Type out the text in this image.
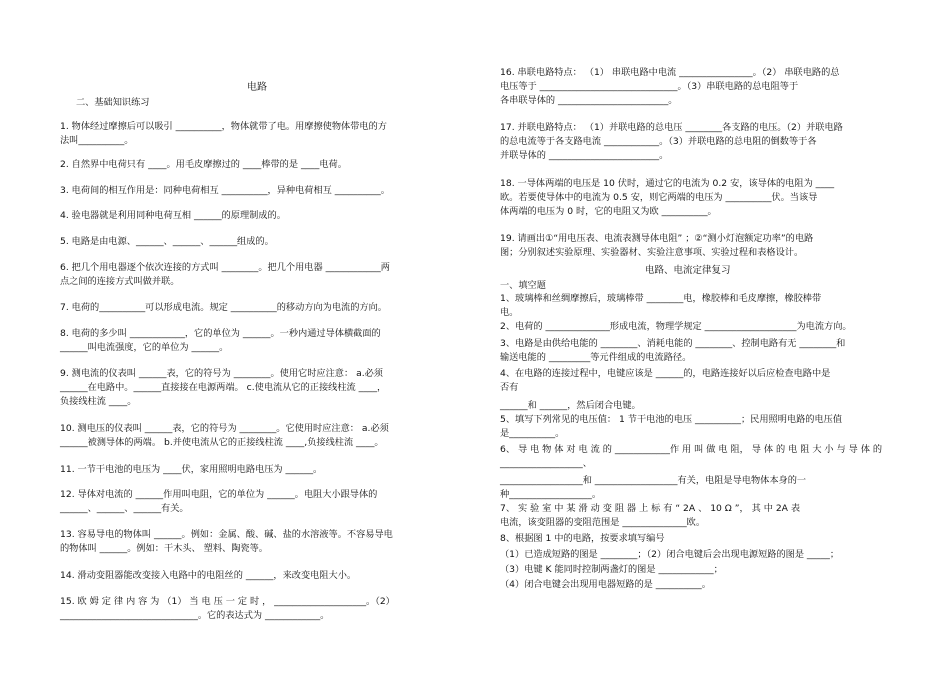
电路
二、基础知识练习
1. 物体经过摩擦后可以吸引 __________，物体就带了电。用摩擦使物体带电的方
法叫__________。
2. 自然界中电荷只有 ____。用毛皮摩擦过的 ____棒带的是 ____电荷。
3. 电荷间的相互作用是：同种电荷相互 __________，异种电荷相互 __________。
4. 验电器就是利用同种电荷互相 ______的原理制成的。
5. 电路是由电源、______、______、______组成的。
6. 把几个用电器逐个依次连接的方式叫 ________。把几个用电器 ____________两
点之间的连接方式叫做并联。
7. 电荷的__________可以形成电流。规定 __________的移动方向为电流的方向。
8. 电荷的多少叫 ____________，它的单位为 ______。一秒内通过导体横截面的
______叫电流强度，它的单位为 ______。
9. 测电流的仪表叫 ______表，它的符号为 ________。使用它时应注意： a.必须
______在电路中。______直接接在电源两端。 c.使电流从它的正接线柱流 ____，
负接线柱流 ____。
10. 测电压的仪表叫 ______表，它的符号为 ________。它使用时应注意： a.必须
______被测导体的两端。 b.并使电流从它的正接线柱流 ____,负接线柱流 ____。
11. 一节干电池的电压为 ____伏，家用照明电路电压为 ______。
12. 导体对电流的 ______作用叫电阻，它的单位为 ______。电阻大小跟导体的
______、______、______有关。
13. 容易导电的物体叫 ______。例如：金属、酸、碱、盐的水溶液等。不容易导电
的物体叫 ______。例如：干木头、 塑料、陶瓷等。
14. 滑动变阻器能改变接入电路中的电阻丝的 ______，来改变电阻大小。
15. 欧 姆 定 律 内 容 为 （1） 当 电 压 一 定 时 ， ____________________。（2）
______________________________。它的表达式为 ____________。
16. 串联电路特点： （1） 串联电路中电流 ________________。（2） 串联电路的总
电压等于 ______________________________。（3）串联电路的总电阻等于
各串联导体的 ________________________。
17. 并联电路特点： （1）并联电路的总电压 ________各支路的电压。（2）并联电路
的总电流等于各支路电流 ____________。（3）并联电路的总电阻的倒数等于各
并联导体的 ________________________。
18. 一导体两端的电压是 10 伏时，通过它的电流为 0.2 安，该导体的电阻为 ____
欧。若要使导体中的电流为 0.5 安，则它两端的电压为 __________伏。当该导
体两端的电压为 0 时，它的电阻又为欧 __________。
19. 请画出①“用电压表、电流表测导体电阻” ；②“测小灯泡额定功率”的电路
图；分别叙述实验原理、实验器材、实验注意事项、实验过程和表格设计。
电路、电流定律复习
一、填空题
1、玻璃棒和丝绸摩擦后，玻璃棒带 ________电，橡胶棒和毛皮摩擦，橡胶棒带
电。
2、电荷的 ______________形成电流，物理学规定 ____________________为电流方向。
3、电路是由供给电能的 ________、消耗电能的 ________、控制电路有无 ________和
输送电能的 _________等元件组成的电流路径。
4、在电路的连接过程中，电键应该是 ______的，电路连接好以后应检查电路中是
否有
______和 ______，然后闭合电键。
5、填写下列常见的电压值： 1 节干电池的电压 __________；民用照明电路的电压值
是__________。
6、 导 电 物 体 对 电 流 的 ____________作 用 叫 做 电 阻， 导 体 的 电 阻 大 小 与 导 体 的
__________________、
__________________和 __________________有关，电阻是导电物体本身的一
种__________________。
7、 实 验 室 中 某 滑 动 变 阻 器 上 标 有 “ 2A 、 10 Ω ”， 其 中 2A 表
电流，该变阻器的变阻范围是 ______________欧。
8、根据图 1 中的电路，按要求填写编号
（1）已造成短路的图是 ________；（2）闭合电键后会出现电源短路的图是 _____；
（3）电键 K 能同时控制两盏灯的图是 ____________；
（4）闭合电键会出现用电器短路的是 __________。
